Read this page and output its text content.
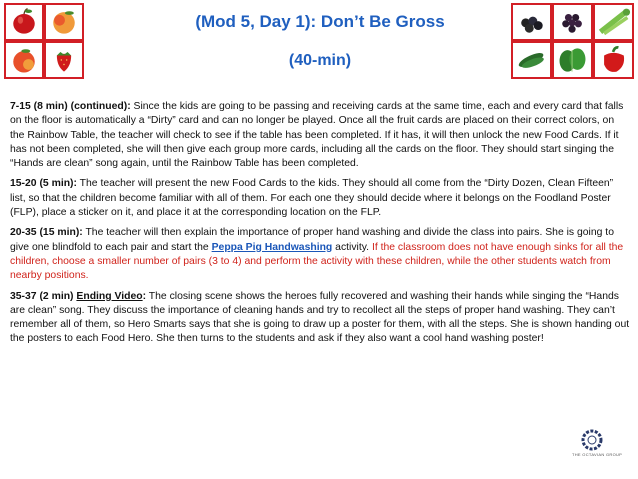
(Mod 5, Day 1): Don’t Be Gross
(40-min)

7-15 (8 min) (continued): Since the kids are going to be passing and receiving cards at the same time, each and every card that falls on the floor is automatically a “Dirty” card and can no longer be played. Once all the fruit cards are placed on their correct colors, on the Rainbow Table, the teacher will check to see if the table has been completed. If it has, it will then unlock the new Food Cards. If it has not been completed, she will then give each group more cards, including all the cards on the floor. They should start singing the “Hands are clean” song again, until the Rainbow Table has been completed.

15-20 (5 min): The teacher will present the new Food Cards to the kids. They should all come from the “Dirty Dozen, Clean Fifteen” list, so that the children become familiar with all of them. For each one they should decide where it belongs on the Foodland Poster (FLP), place a sticker on it, and place it at the corresponding location on the FLP.

20-35 (15 min): The teacher will then explain the importance of proper hand washing and divide the class into pairs. She is going to give one blindfold to each pair and start the Peppa Pig Handwashing activity. If the classroom does not have enough sinks for all the children, choose a smaller number of pairs (3 to 4) and perform the activity with these children, while the other students watch from nearby positions.

35-37 (2 min) Ending Video: The closing scene shows the heroes fully recovered and washing their hands while singing the “Hands are clean” song. They discuss the importance of cleaning hands and try to recollect all the steps of proper hand washing. They can’t remember all of them, so Hero Smarts says that she is going to draw up a poster for them, with all the steps. She is shown handing out the posters to each Food Hero. She then turns to the students and ask if they also want a cool hand washing poster!

THE OCTAVIAN GROUP
